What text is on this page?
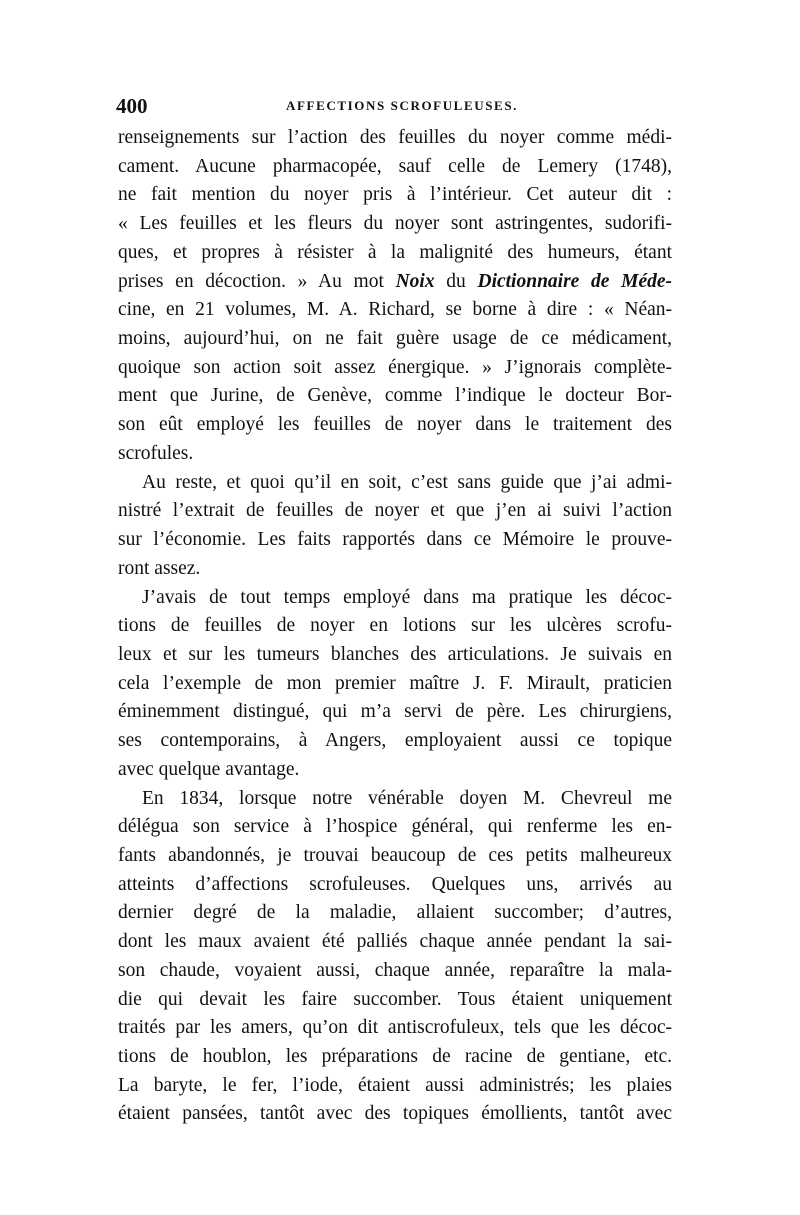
400	AFFECTIONS SCROFULEUSES.
renseignements sur l’action des feuilles du noyer comme médi-
cament. Aucune pharmacopée, sauf celle de Lemery (1748),
ne fait mention du noyer pris à l’intérieur. Cet auteur dit :
« Les feuilles et les fleurs du noyer sont astringentes, sudorifi-
ques, et propres à résister à la malignité des humeurs, étant
prises en décoction. » Au mot Noix du Dictionnaire de Méde-
cine, en 21 volumes, M. A. Richard, se borne à dire : « Néan-
moins, aujourd’hui, on ne fait guère usage de ce médicament,
quoique son action soit assez énergique. » J’ignorais complète-
ment que Jurine, de Genève, comme l’indique le docteur Bor-
son eût employé les feuilles de noyer dans le traitement des
scrofules.
Au reste, et quoi qu’il en soit, c’est sans guide que j’ai admi-
nistré l’extrait de feuilles de noyer et que j’en ai suivi l’action
sur l’économie. Les faits rapportés dans ce Mémoire le prouve-
ront assez.
J’avais de tout temps employé dans ma pratique les décoc-
tions de feuilles de noyer en lotions sur les ulcères scrofu-
leux et sur les tumeurs blanches des articulations. Je suivais en
cela l’exemple de mon premier maître J. F. Mirault, praticien
éminemment distingué, qui m’a servi de père. Les chirurgiens,
ses contemporains, à Angers, employaient aussi ce topique
avec quelque avantage.
En 1834, lorsque notre vénérable doyen M. Chevreul me
délégua son service à l’hospice général, qui renferme les en-
fants abandonnés, je trouvai beaucoup de ces petits malheureux
atteints d’affections scrofuleuses. Quelques uns, arrivés au
dernier degré de la maladie, allaient succomber; d’autres,
dont les maux avaient été palliés chaque année pendant la sai-
son chaude, voyaient aussi, chaque année, reparaître la mala-
die qui devait les faire succomber. Tous étaient uniquement
traités par les amers, qu’on dit antiscrofuleux, tels que les décoc-
tions de houblon, les préparations de racine de gentiane, etc.
La baryte, le fer, l’iode, étaient aussi administrés; les plaies
étaient pansées, tantôt avec des topiques émollients, tantôt avec
